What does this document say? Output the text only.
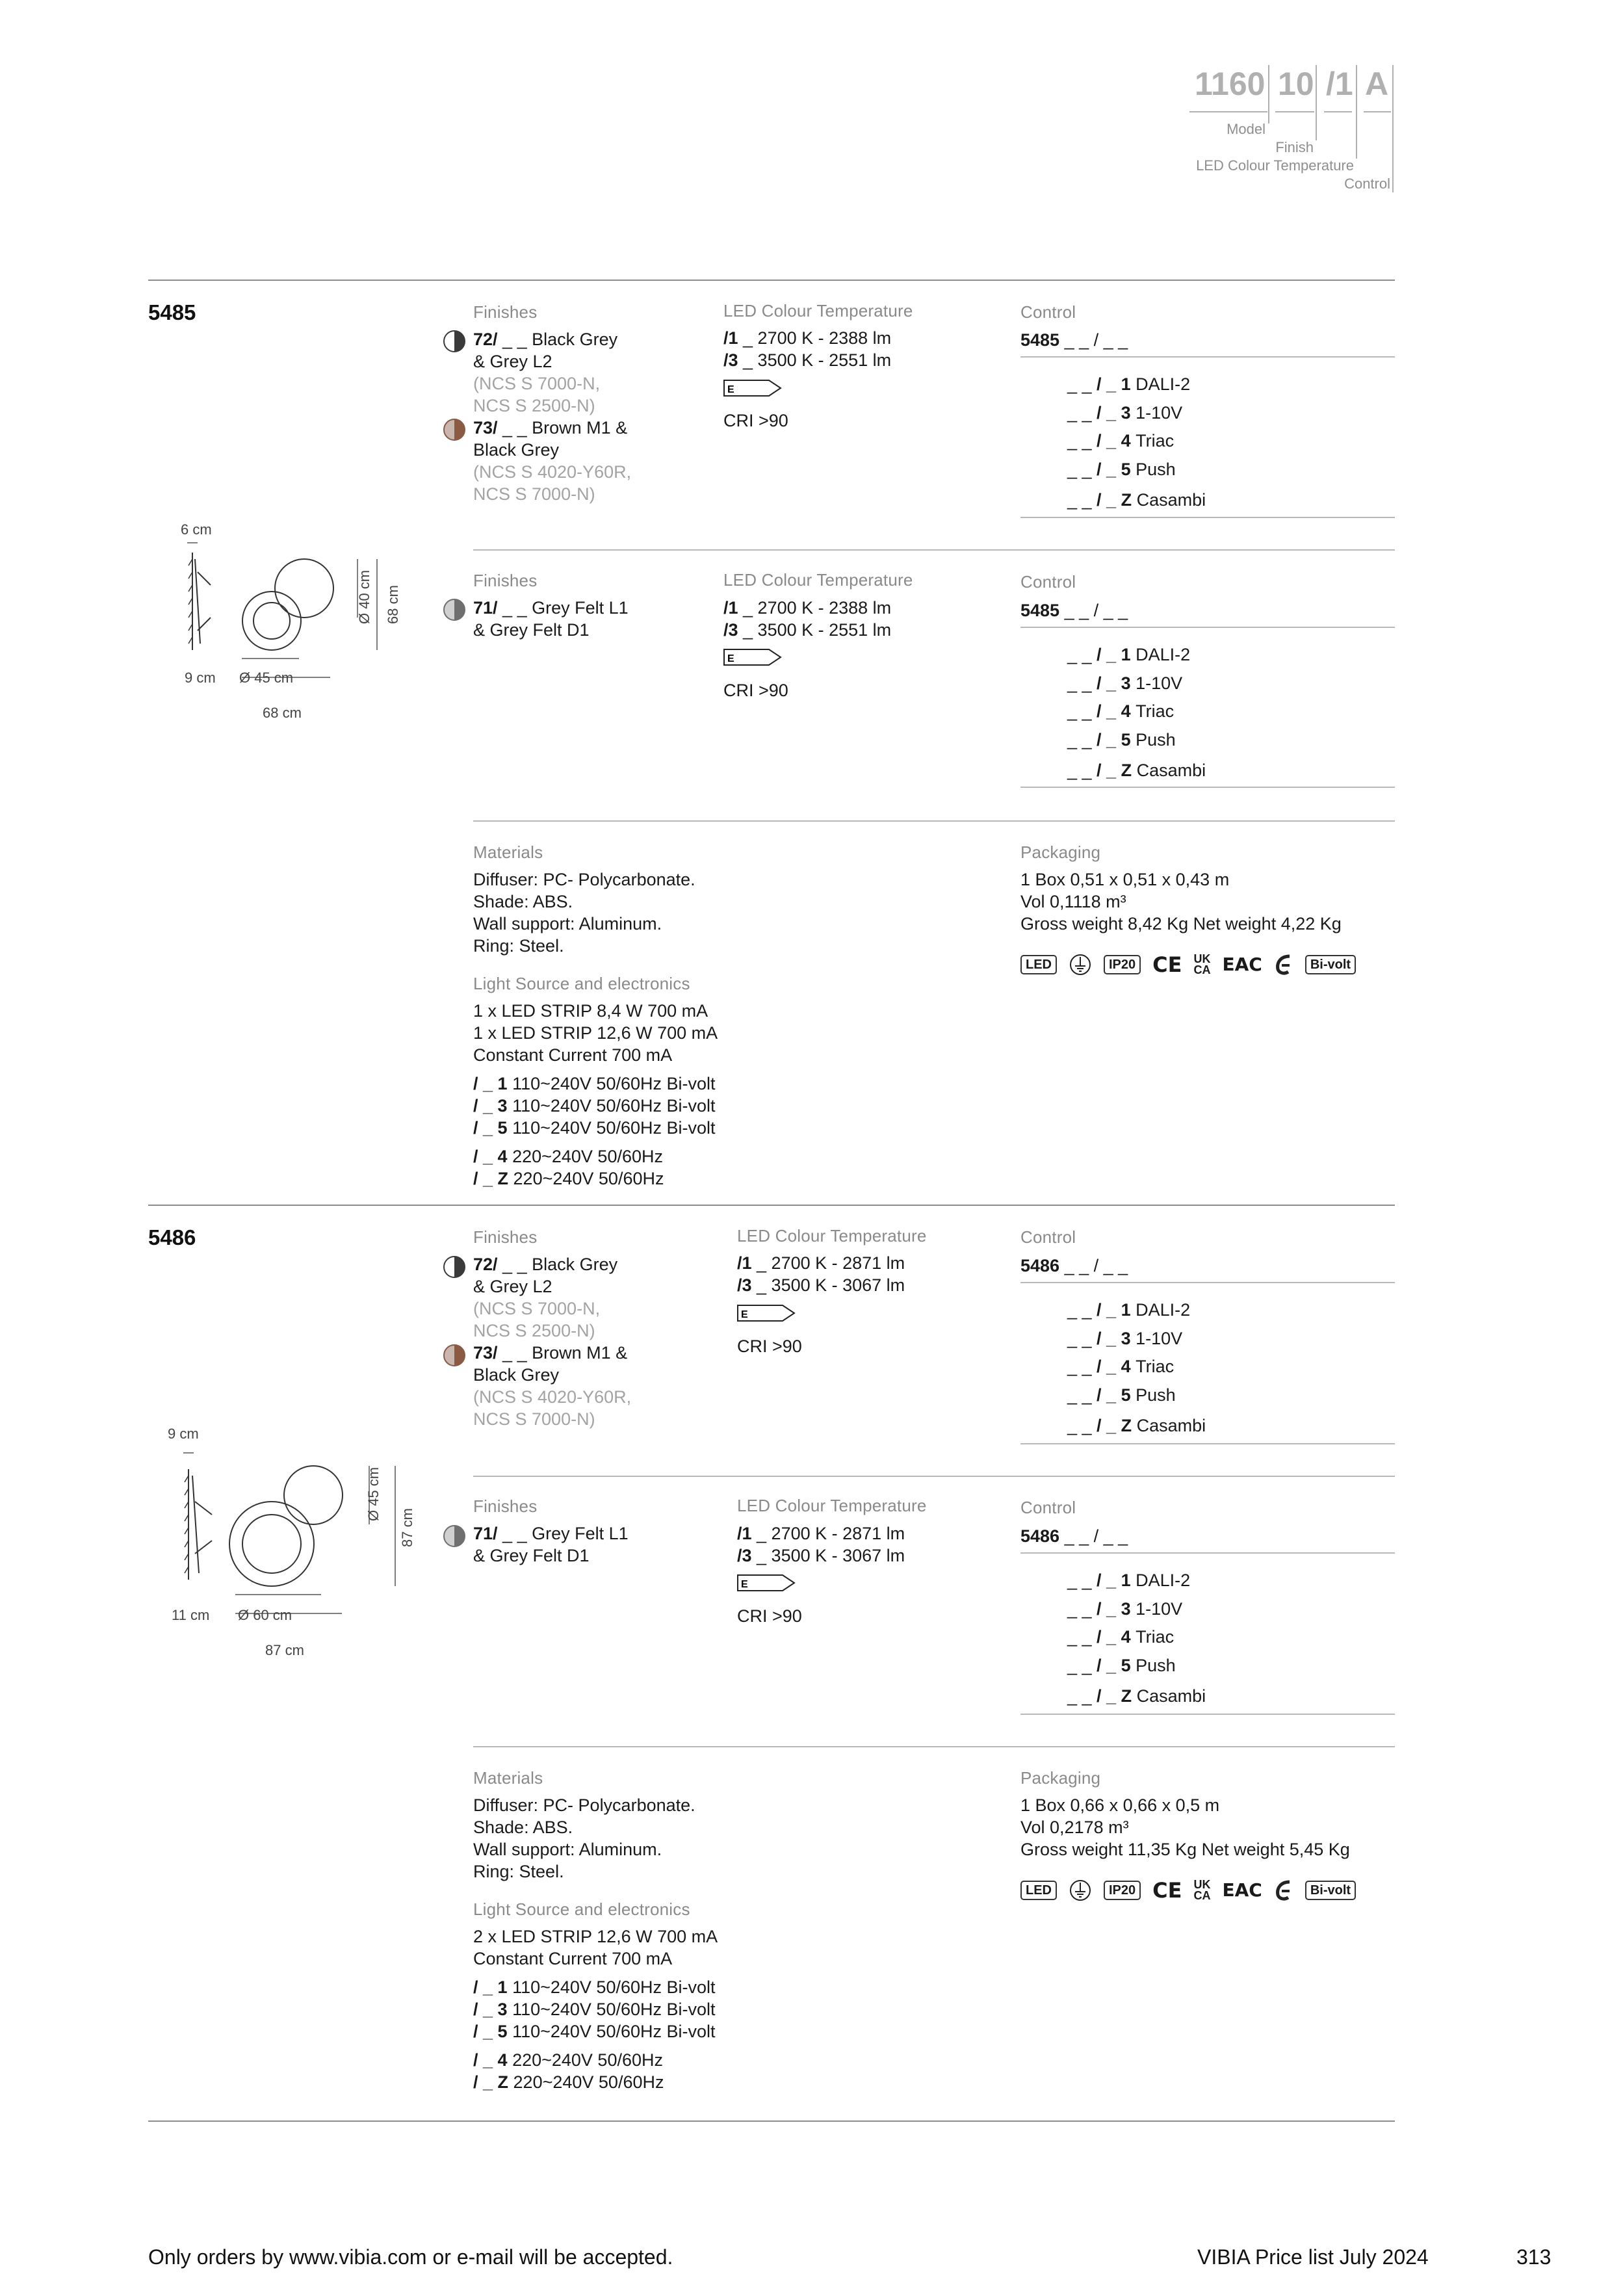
1160 10 /1 A
Model
Finish
LED Colour Temperature
Control
5485
6 cm
Ø 40 cm 68 cm
9 cm Ø 45 cm
68 cm
Finishes
72/ _ _ Black Grey
& Grey L2
(NCS S 7000-N,
NCS S 2500-N)
73/ _ _ Brown M1 &
Black Grey
(NCS S 4020-Y60R,
NCS S 7000-N)
LED Colour Temperature
/1 _ 2700 K - 2388 lm
/3 _ 3500 K - 2551 lm
E
CRI >90
Control
5485 _ _ / _ _
_ _ / _ 1 DALI-2
_ _ / _ 3 1-10V
_ _ / _ 4 Triac
_ _ / _ 5 Push
_ _ / _ Z Casambi
Finishes
71/ _ _ Grey Felt L1
& Grey Felt D1
LED Colour Temperature
/1 _ 2700 K - 2388 lm
/3 _ 3500 K - 2551 lm
E
CRI >90
Control
5485 _ _ / _ _
_ _ / _ 1 DALI-2
_ _ / _ 3 1-10V
_ _ / _ 4 Triac
_ _ / _ 5 Push
_ _ / _ Z Casambi
Materials
Diffuser: PC- Polycarbonate.
Shade: ABS.
Wall support: Aluminum.
Ring: Steel.
Light Source and electronics
1 x LED STRIP 8,4 W 700 mA
1 x LED STRIP 12,6 W 700 mA
Constant Current 700 mA
/ _ 1 110~240V 50/60Hz Bi-volt
/ _ 3 110~240V 50/60Hz Bi-volt
/ _ 5 110~240V 50/60Hz Bi-volt
/ _ 4 220~240V 50/60Hz
/ _ Z 220~240V 50/60Hz
Packaging
1 Box 0,51 x 0,51 x 0,43 m
Vol 0,1118 m³
Gross weight 8,42 Kg Net weight 4,22 Kg
LED	IP20 CE UK
CA EAC	Bi-volt
5486
9 cm
Ø 45 cm
87 cm
11 cm Ø 60 cm
87 cm
Finishes
72/ _ _ Black Grey
& Grey L2
(NCS S 7000-N,
NCS S 2500-N)
73/ _ _ Brown M1 &
Black Grey
(NCS S 4020-Y60R,
NCS S 7000-N)
LED Colour Temperature
/1 _ 2700 K - 2871 lm
/3 _ 3500 K - 3067 lm
E
CRI >90
Control
5486 _ _ / _ _
_ _ / _ 1 DALI-2
_ _ / _ 3 1-10V
_ _ / _ 4 Triac
_ _ / _ 5 Push
_ _ / _ Z Casambi
Finishes
71/ _ _ Grey Felt L1
& Grey Felt D1
LED Colour Temperature
/1 _ 2700 K - 2871 lm
/3 _ 3500 K - 3067 lm
E
CRI >90
Control
5486 _ _ / _ _
_ _ / _ 1 DALI-2
_ _ / _ 3 1-10V
_ _ / _ 4 Triac
_ _ / _ 5 Push
_ _ / _ Z Casambi
Materials
Diffuser: PC- Polycarbonate.
Shade: ABS.
Wall support: Aluminum.
Ring: Steel.
Light Source and electronics
2 x LED STRIP 12,6 W 700 mA
Constant Current 700 mA
/ _ 1 110~240V 50/60Hz Bi-volt
/ _ 3 110~240V 50/60Hz Bi-volt
/ _ 5 110~240V 50/60Hz Bi-volt
/ _ 4 220~240V 50/60Hz
/ _ Z 220~240V 50/60Hz
Packaging
1 Box 0,66 x 0,66 x 0,5 m
Vol 0,2178 m³
Gross weight 11,35 Kg Net weight 5,45 Kg
LED	IP20 CE UK
CA EAC	Bi-volt
Only orders by www.vibia.com or e-mail will be accepted.	VIBIA Price list July 2024	313
